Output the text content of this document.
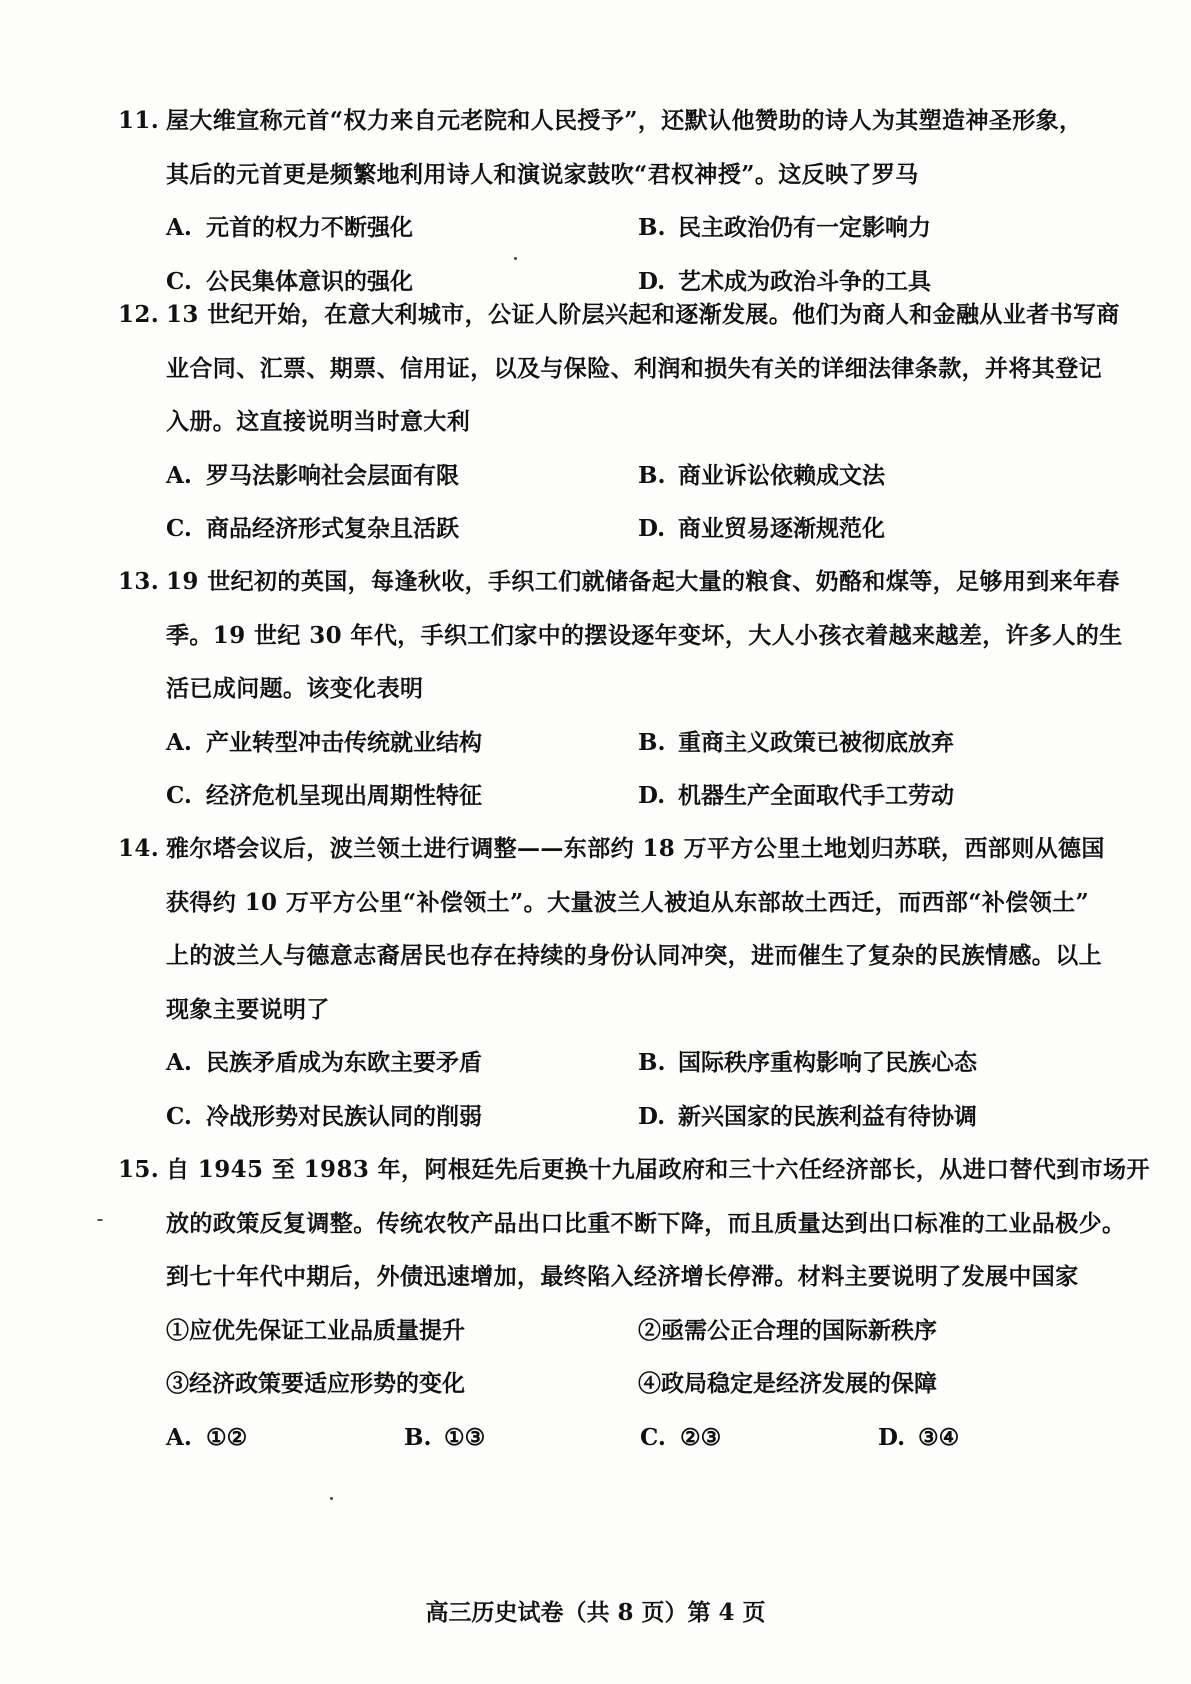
11. 屋大维宣称元首“权力来自元老院和人民授予”，还默认他赞助的诗人为其塑造神圣形象，
其后的元首更是频繁地利用诗人和演说家鼓吹“君权神授”。这反映了罗马
A. 元首的权力不断强化	B. 民主政治仍有一定影响力
C. 公民集体意识的强化	D. 艺术成为政治斗争的工具
12. 13 世纪开始，在意大利城市，公证人阶层兴起和逐渐发展。他们为商人和金融从业者书写商
业合同、汇票、期票、信用证，以及与保险、利润和损失有关的详细法律条款，并将其登记
入册。这直接说明当时意大利
A. 罗马法影响社会层面有限	B. 商业诉讼依赖成文法
C. 商品经济形式复杂且活跃	D. 商业贸易逐渐规范化
13. 19 世纪初的英国，每逢秋收，手织工们就储备起大量的粮食、奶酪和煤等，足够用到来年春
季。19 世纪 30 年代，手织工们家中的摆设逐年变坏，大人小孩衣着越来越差，许多人的生
活已成问题。该变化表明
A. 产业转型冲击传统就业结构	B. 重商主义政策已被彻底放弃
C. 经济危机呈现出周期性特征	D. 机器生产全面取代手工劳动
14. 雅尔塔会议后，波兰领土进行调整——东部约 18 万平方公里土地划归苏联，西部则从德国
获得约 10 万平方公里“补偿领土”。大量波兰人被迫从东部故土西迁，而西部“补偿领土”
上的波兰人与德意志裔居民也存在持续的身份认同冲突，进而催生了复杂的民族情感。以上
现象主要说明了
A. 民族矛盾成为东欧主要矛盾	B. 国际秩序重构影响了民族心态
C. 冷战形势对民族认同的削弱	D. 新兴国家的民族利益有待协调
15. 自 1945 至 1983 年，阿根廷先后更换十九届政府和三十六任经济部长，从进口替代到市场开
放的政策反复调整。传统农牧产品出口比重不断下降，而且质量达到出口标准的工业品极少。
到七十年代中期后，外债迅速增加，最终陷入经济增长停滞。材料主要说明了发展中国家
①应优先保证工业品质量提升	②亟需公正合理的国际新秩序
③经济政策要适应形势的变化	④政局稳定是经济发展的保障
A. ①②	B. ①③	C. ②③	D. ③④
高三历史试卷（共 8 页）第 4 页
